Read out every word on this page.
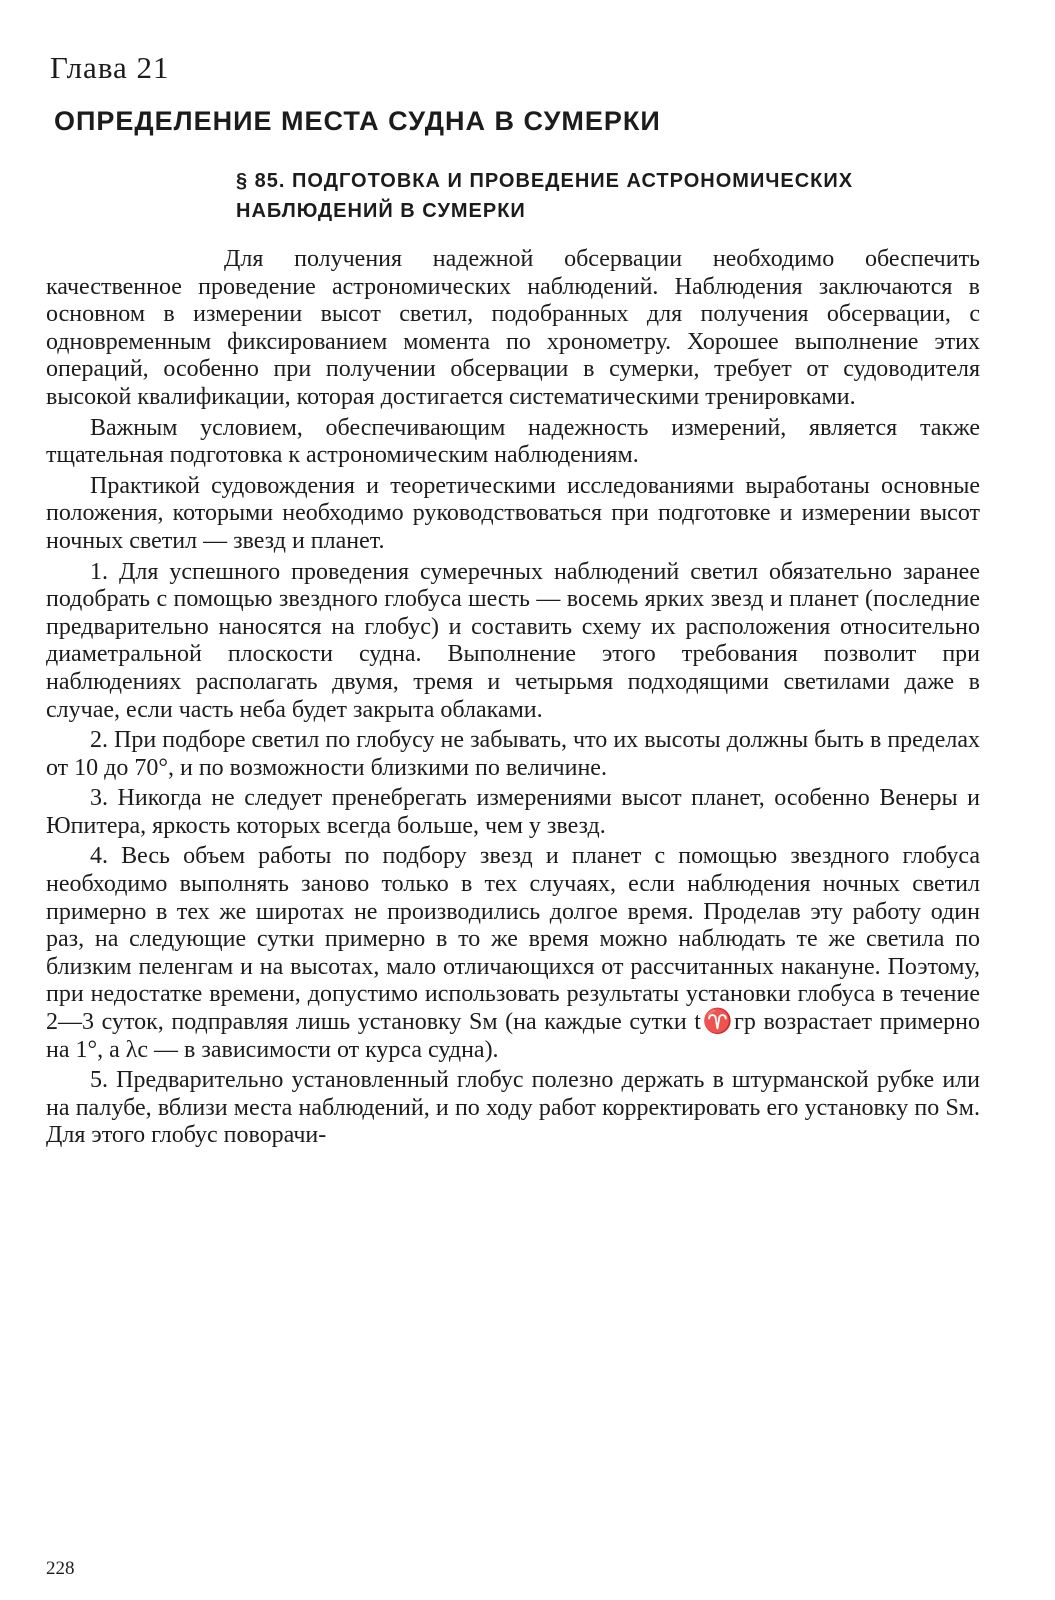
Глава 21
ОПРЕДЕЛЕНИЕ МЕСТА СУДНА В СУМЕРКИ
§ 85. ПОДГОТОВКА И ПРОВЕДЕНИЕ АСТРОНОМИЧЕСКИХ НАБЛЮДЕНИЙ В СУМЕРКИ

Для получения надежной обсервации необходимо обеспечить качественное проведение астрономических наблюдений. Наблюдения заключаются в основном в измерении высот светил, подобранных для получения обсервации, с одновременным фиксированием момента по хронометру. Хорошее выполнение этих операций, особенно при получении обсервации в сумерки, требует от судоводителя высокой квалификации, которая достигается систематическими тренировками.

Важным условием, обеспечивающим надежность измерений, является также тщательная подготовка к астрономическим наблюдениям.

Практикой судовождения и теоретическими исследованиями выработаны основные положения, которыми необходимо руководствоваться при подготовке и измерении высот ночных светил — звезд и планет.

1. Для успешного проведения сумеречных наблюдений светил обязательно заранее подобрать с помощью звездного глобуса шесть — восемь ярких звезд и планет (последние предварительно наносятся на глобус) и составить схему их расположения относительно диаметральной плоскости судна. Выполнение этого требования позволит при наблюдениях располагать двумя, тремя и четырьмя подходящими светилами даже в случае, если часть неба будет закрыта облаками.

2. При подборе светил по глобусу не забывать, что их высоты должны быть в пределах от 10 до 70°, и по возможности близкими по величине.

3. Никогда не следует пренебрегать измерениями высот планет, особенно Венеры и Юпитера, яркость которых всегда больше, чем у звезд.

4. Весь объем работы по подбору звезд и планет с помощью звездного глобуса необходимо выполнять заново только в тех случаях, если наблюдения ночных светил примерно в тех же широтах не производились долгое время. Проделав эту работу один раз, на следующие сутки примерно в то же время можно наблюдать те же светила по близким пеленгам и на высотах, мало отличающихся от рассчитанных накануне. Поэтому, при недостатке времени, допустимо использовать результаты установки глобуса в течение 2—3 суток, подправляя лишь установку Sм (на каждые сутки t♈гр возрастает примерно на 1°, а λс — в зависимости от курса судна).

5. Предварительно установленный глобус полезно держать в штурманской рубке или на палубе, вблизи места наблюдений, и по ходу работ корректировать его установку по Sм. Для этого глобус поворачи-

228
